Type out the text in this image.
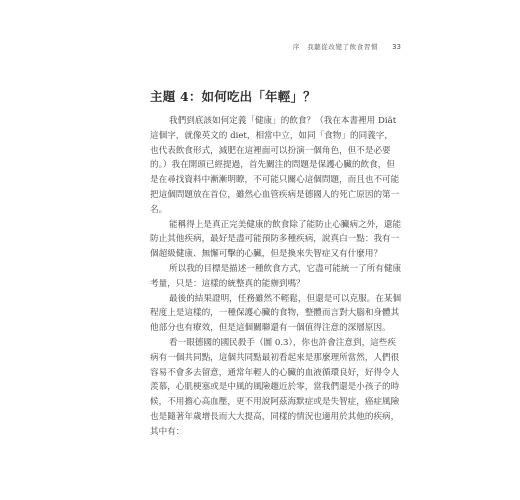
序　我聽從改變了飲食習慣 33
主題 4：如何吃出「年輕」？

我們到底該如何定義「健康」的飲食？（我在本書裡用 Diät
這個字，就像英文的 diet，相當中立，如同「食物」的同義字，
也代表飲食形式，減肥在這裡面可以扮演一個角色，但不是必要
的。）我在開頭已經提過，首先關注的問題是保護心臟的飲食，但
是在尋找資料中漸漸明瞭，不可能只關心這個問題，而且也不可能
把這個問題放在首位，雖然心血管疾病是德國人的死亡原因的第一
名。

能稱得上是真正完美健康的飲食除了能防止心臟病之外，還能
防止其他疾病，最好是盡可能預防多種疾病，說真白一點：我有一
個超級健康、無懈可擊的心臟，但是換來失智症又有什麼用？

所以我的目標是描述一種飲食方式，它盡可能統一了所有健康
考量，只是：這樣的統整真的能辦到嗎？

最後的結果證明，任務雖然不輕鬆，但還是可以克服。在某個
程度上是這樣的，一種保護心臟的食物，整體而言對大腦和身體其
他部分也有療效，但是這個關聯還有一個值得注意的深層原因。

看一眼德國的國民殺手（圖 0.3），你也許會注意到，這些疾
病有一個共同點，這個共同點最初看起來是那麼理所當然，人們很
容易不會多去留意，通常年輕人的心臟的血液循環良好，好得令人
羨慕，心肌梗塞或是中風的風險趨近於零，當我們還是小孩子的時
候，不用擔心高血壓，更不用說阿茲海默症或是失智症，癌症風險
也是隨著年歲增長而大大提高，同樣的情況也適用於其他的疾病，
其中有：
